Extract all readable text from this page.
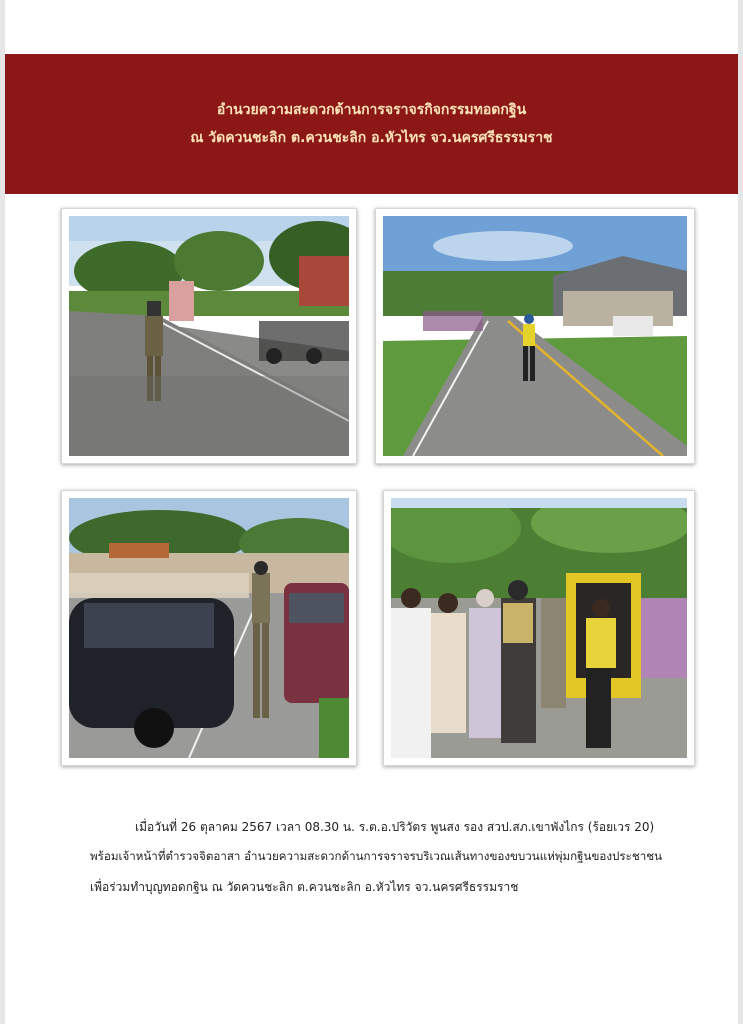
อำนวยความสะดวกด้านการจราจรกิจกรรมทอดกฐิน
ณ วัดควนชะลิก ต.ควนชะลิก อ.หัวไทร จว.นครศรีธรรมราช
เมื่อวันที่ 26 ตุลาคม 2567 เวลา 08.30 น. ร.ต.อ.ปริวัตร พูนสง รอง สวป.สภ.เขาพังไกร (ร้อยเวร 20)
พร้อมเจ้าหน้าที่ตำรวจจิตอาสา อำนวยความสะดวกด้านการจราจรบริเวณเส้นทางของขบวนแห่พุ่มกฐินของประชาชน
เพื่อร่วมทำบุญทอดกฐิน ณ วัดควนชะลิก ต.ควนชะลิก อ.หัวไทร จว.นครศรีธรรมราช
